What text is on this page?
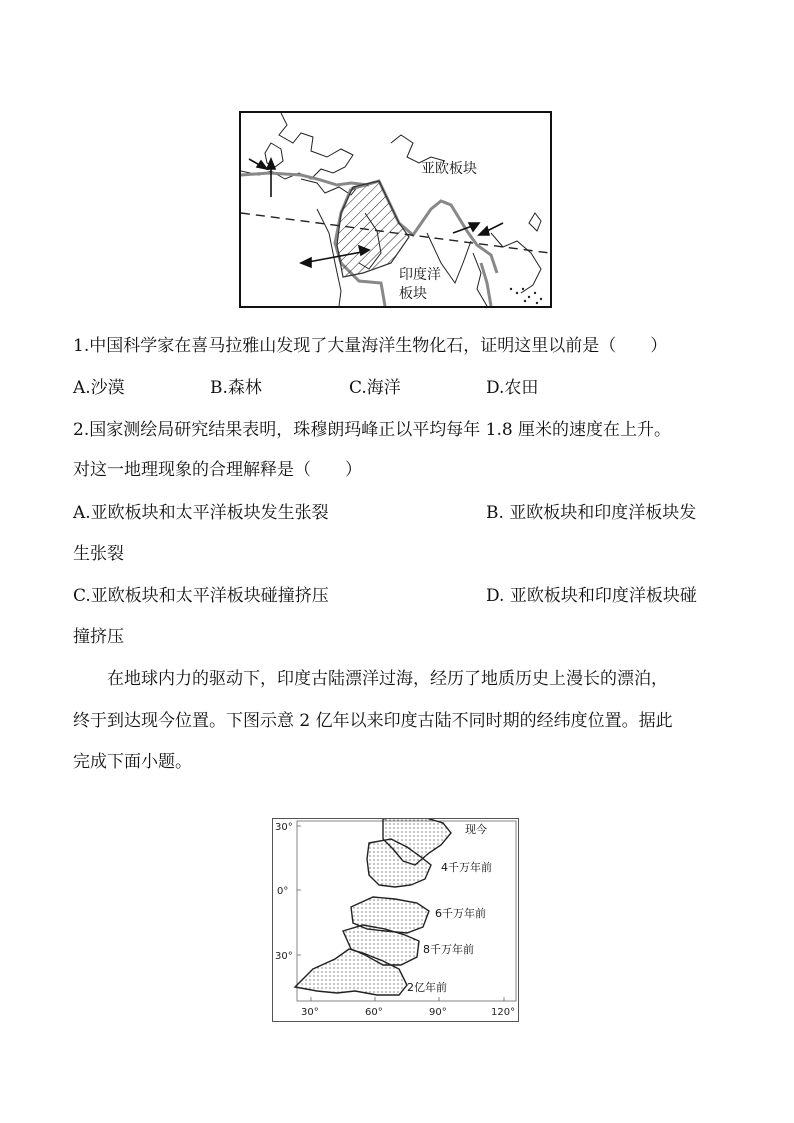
亚欧板块
印度洋
板块
1.中国科学家在喜马拉雅山发现了大量海洋生物化石，证明这里以前是（　　）
A.沙漠	B.森林	C.海洋	D.农田
2.国家测绘局研究结果表明，珠穆朗玛峰正以平均每年 1.8 厘米的速度在上升。
对这一地理现象的合理解释是（　　）
A.亚欧板块和太平洋板块发生张裂	B. 亚欧板块和印度洋板块发
生张裂
C.亚欧板块和太平洋板块碰撞挤压	D. 亚欧板块和印度洋板块碰
撞挤压
在地球内力的驱动下，印度古陆漂洋过海，经历了地质历史上漫长的漂泊，
终于到达现今位置。下图示意 2 亿年以来印度古陆不同时期的经纬度位置。据此
完成下面小题。
30°
0°
30°
30°	60°	90°	120°
现今
4千万年前
6千万年前
8千万年前
2亿年前
